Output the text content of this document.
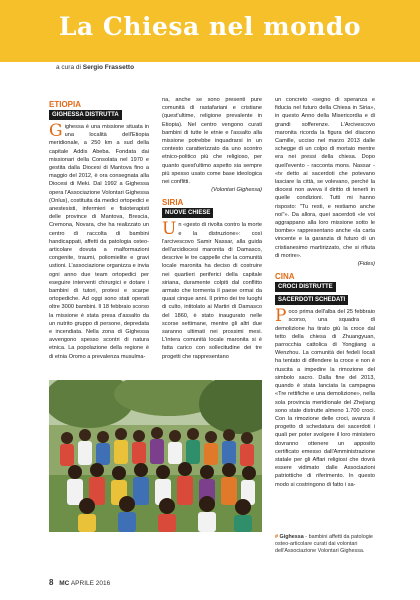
La Chiesa nel mondo
a cura di Sergio Frassetto
ETIOPIA
GIGHESSA DISTRUTTA
Gighessa è una missione situata in una località dell'Etiopia meridionale, a 250 km a sud della capitale Addis Abeba. Fondata dai missionari della Consolata nel 1970 e gestita dalla Diocesi di Mantova fino a maggio del 2012, è ora consegnata alla Diocesi di Meki. Dal 1992 a Gighessa opera l'Associazione Volontari Gighessa (Onlus), costituita da medici ortopedici e anestesisti, infermieri e fisioterapisti delle province di Mantova, Brescia, Cremona, Novara, che ha realizzato un centro di raccolta di bambini handicappati, affetti da patologia osteo-articolare dovuta a malformazioni congenite, traumi, poliomielite e gravi ustioni. L'associazione organizza e invia ogni anno due team ortopedici per eseguire interventi chirurgici e dotare i bambini di tutori, protesi e scarpe ortopediche. Ad oggi sono stati operati oltre 3000 bambini. Il 18 febbraio scorso la missione è stata presa d'assalto da un nutrito gruppo di persone, depredata e incendiata. Nella zona di Gighessa avvengono spesso scontri di natura etnica. La popolazione della regione è di etnia Oromo a prevalenza musulma-
na, anche se sono presenti pure comunità di rastafariani e cristiane (quest'ultime, religione prevalente in Etiopia). Nel centro vengono curati bambini di tutte le etnie e l'assalto alla missione potrebbe inquadrarsi in un contesto caratterizzato da uno scontro etnico-politico più che religioso, per quanto quest'ultimo aspetto sia sempre più spesso usato come base ideologica nei conflitti.
(Volontari Gighessa)
SIRIA
NUOVE CHIESE
Un «gesto di rivolta contro la morte e la distruzione»: così l'arcivescovo Samir Nassar, alla guida dell'arcidiocesi maronita di Damasco, descrive le tre cappelle che la comunità locale maronita ha deciso di costruire nei quartieri periferici della capitale siriana, duramente colpiti dal conflitto armato che tormenta il paese ormai da quasi cinque anni. Il primo dei tre luoghi di culto, intitolato ai Martiri di Damasco del 1860, è stato inaugurato nelle scorse settimane, mentre gli altri due saranno ultimati nei prossimi mesi. L'intera comunità locale maronita si è fatta carico con sollecitudine dei tre progetti che rappresentano
un concreto «segno di speranza e fiducia nel futuro della Chiesa in Siria», in questo Anno della Misericordia e di grandi sofferenze. L'Arcivescovo maronita ricorda la figura del diacono Camille, ucciso nel marzo 2013 dalle schegge di un colpo di mortaio mentre era nei pressi della chiesa. Dopo quell'evento - racconta mons. Nassar - «tv detto ai sacerdoti che potevano lasciare la città, se volevano, perché la diocesi non aveva il diritto di tenerli in quelle condizioni. Tutti mi hanno risposto: "Tu resti, e restiamo anche noi"». Da allora, quei sacerdoti «le voi aggrappano alla loro missione sotto le bombe» rappresentano anche «la carta vincente e la garanzia di futuro di un cristianesimo martirizzato, che si rifiuta di morire».
(Fides)
CINA
CROCI DISTRUTTE
SACERDOTI SCHEDATI
Poco prima dell'alba del 25 febbraio scorso, una squadra di demolizione ha tirato giù la croce dal tetto della chiesa di Zhuangyuan, parrocchia cattolica di Yongjiang a Wenzhou. La comunità dei fedeli locali ha tentato di difendere la croce e non è riuscita a impedire la rimozione del simbolo sacro. Dalla fine del 2013, quando è stata lanciata la campagna «Tre rettifiche e una demolizione», nella sola provincia meridionale del Zhejiang sono state distrutte almeno 1.700 croci. Con la rimozione delle croci, avanza il progetto di schedatura dei sacerdoti i quali per poter svolgere il loro ministero dovranno ottenere un apposito certificato emesso dall'Amministrazione statale per gli Affari religiosi che dovrà essere vidimato dalle Associazioni patriottiche di riferimento. In questo modo si costringono di fatto i sa-
# Gighessa - bambini affetti da patologie osteo-articolare curati dai volontari dell'Associazione Volontari Gighessa.
8 MC APRILE 2016
